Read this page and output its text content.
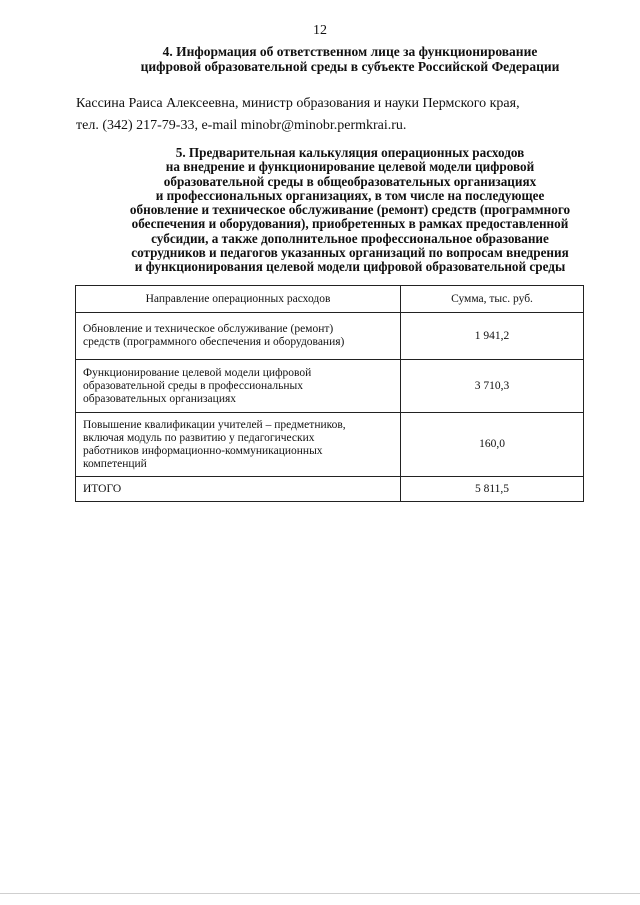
12
4. Информация об ответственном лице за функционирование
цифровой образовательной среды в субъекте Российской Федерации
Кассина Раиса Алексеевна, министр образования и науки Пермского края,
тел. (342) 217-79-33, e-mail minobr@minobr.permkrai.ru.
5. Предварительная калькуляция операционных расходов
на внедрение и функционирование целевой модели цифровой
образовательной среды в общеобразовательных организациях
и профессиональных организациях, в том числе на последующее
обновление и техническое обслуживание (ремонт) средств (программного
обеспечения и оборудования), приобретенных в рамках предоставленной
субсидии, а также дополнительное профессиональное образование
сотрудников и педагогов указанных организаций по вопросам внедрения
и функционирования целевой модели цифровой образовательной среды
Направление операционных расходов	Сумма, тыс. руб.

Обновление и техническое обслуживание (ремонт)
средств (программного обеспечения и оборудования)	1 941,2

Функционирование целевой модели цифровой
образовательной среды в профессиональных
образовательных организациях	3 710,3

Повышение квалификации учителей – предметников,
включая модуль по развитию у педагогических
работников информационно-коммуникационных
компетенций	160,0
ИТОГО	5 811,5
